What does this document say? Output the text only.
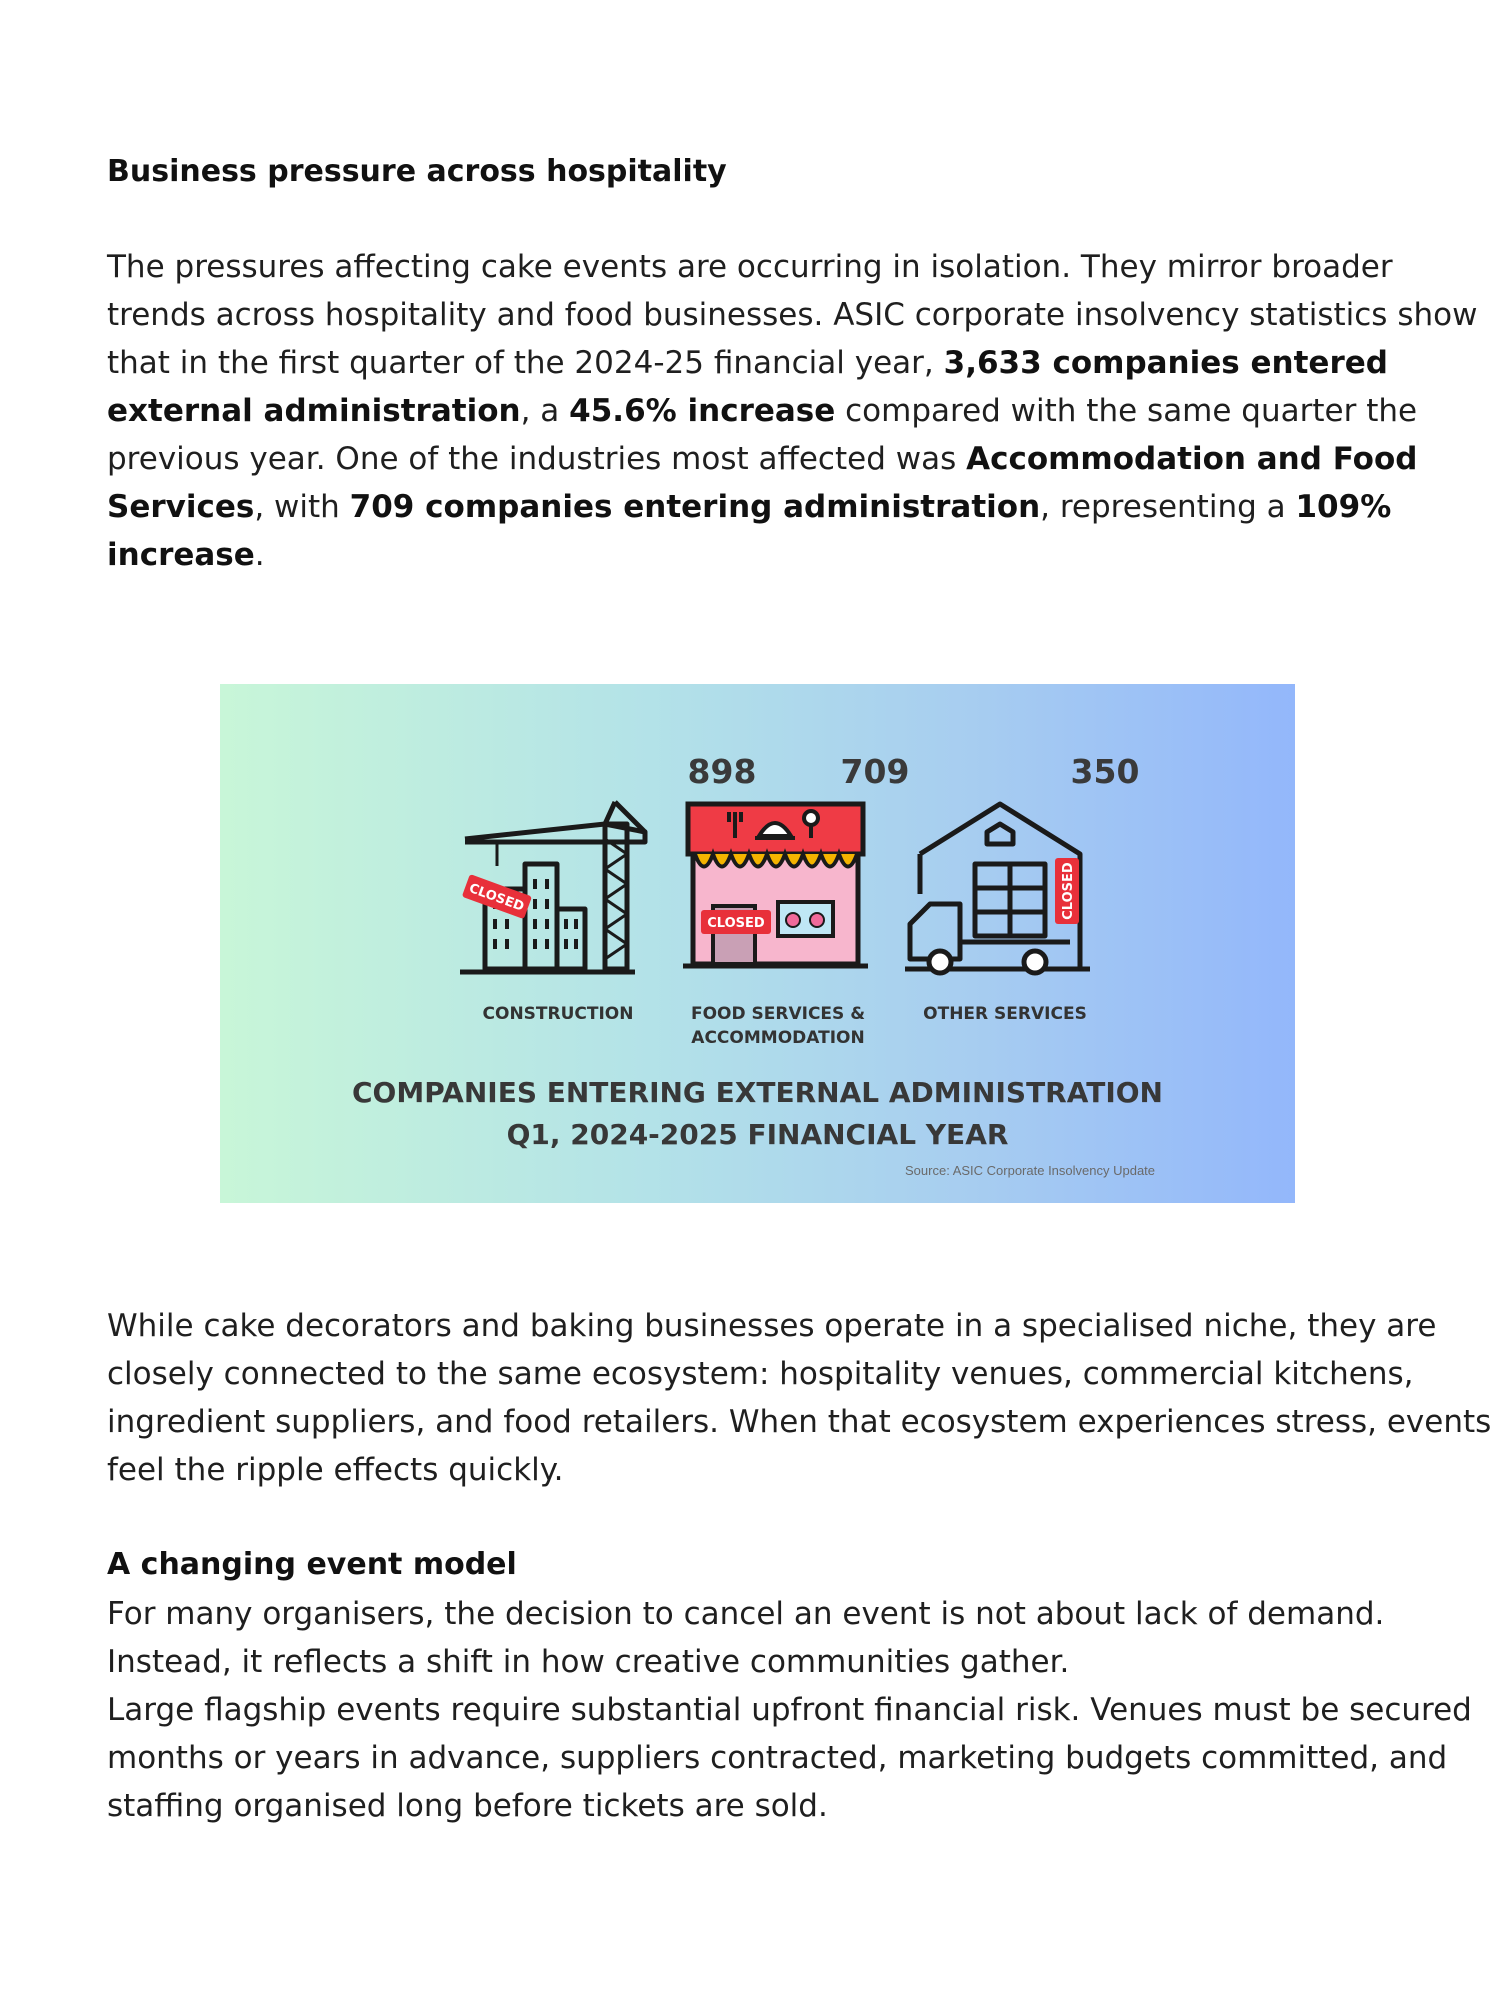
Business pressure across hospitality
The pressures affecting cake events are occurring in isolation. They mirror broader
trends across hospitality and food businesses. ASIC corporate insolvency statistics show
that in the first quarter of the 2024-25 financial year, 3,633 companies entered
external administration, a 45.6% increase compared with the same quarter the
previous year. One of the industries most affected was Accommodation and Food
Services, with 709 companies entering administration, representing a 109%
increase.
While cake decorators and baking businesses operate in a specialised niche, they are
closely connected to the same ecosystem: hospitality venues, commercial kitchens,
ingredient suppliers, and food retailers. When that ecosystem experiences stress, events
feel the ripple effects quickly.
A changing event model
For many organisers, the decision to cancel an event is not about lack of demand.
Instead, it reflects a shift in how creative communities gather.
Large flagship events require substantial upfront financial risk. Venues must be secured
months or years in advance, suppliers contracted, marketing budgets committed, and
staffing organised long before tickets are sold.
898	709	350
CLOSED
CLOSED
CLOSED
CONSTRUCTION	FOOD SERVICES &
ACCOMMODATION
OTHER SERVICES
COMPANIES ENTERING EXTERNAL ADMINISTRATION
Q1, 2024-2025 FINANCIAL YEAR
Source: ASIC Corporate Insolvency Update
